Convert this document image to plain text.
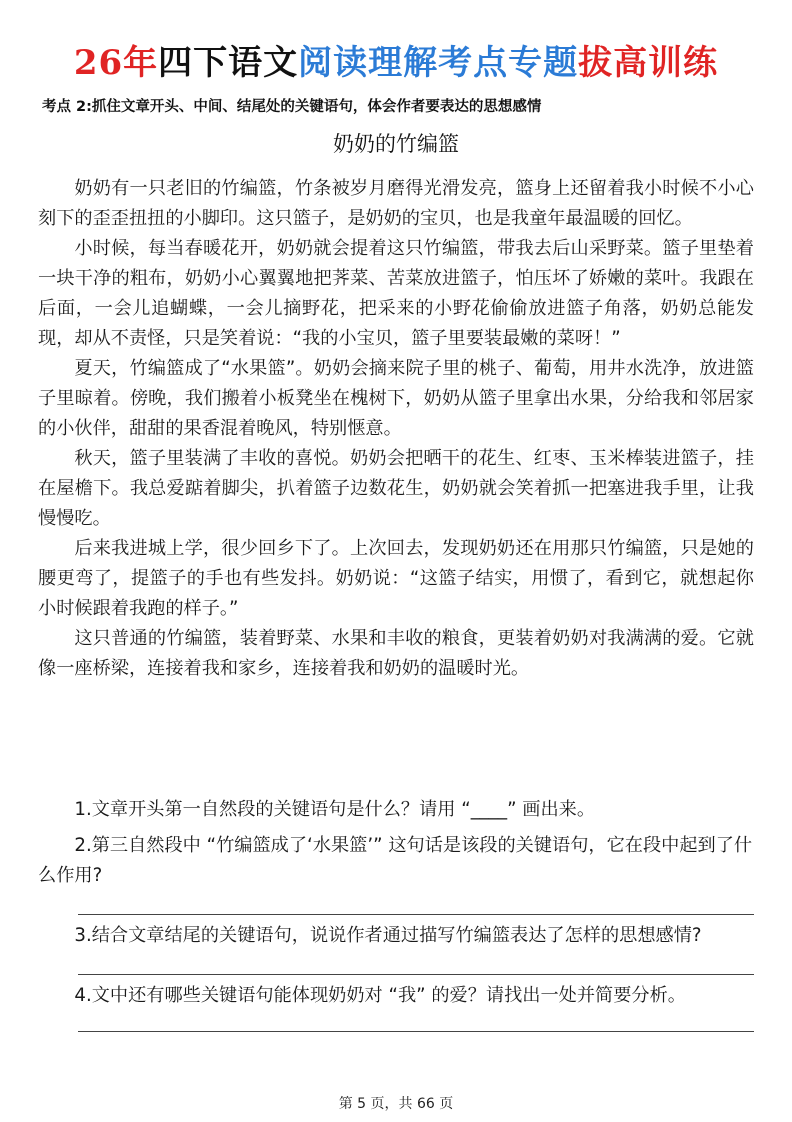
26年四下语文阅读理解考点专题拔高训练
考点 2:抓住文章开头、中间、结尾处的关键语句，体会作者要表达的思想感情
奶奶的竹编篮

奶奶有一只老旧的竹编篮，竹条被岁月磨得光滑发亮，篮身上还留着我小时候不小心刻下的歪歪扭扭的小脚印。这只篮子，是奶奶的宝贝，也是我童年最温暖的回忆。

小时候，每当春暖花开，奶奶就会提着这只竹编篮，带我去后山采野菜。篮子里垫着一块干净的粗布，奶奶小心翼翼地把荠菜、苦菜放进篮子，怕压坏了娇嫩的菜叶。我跟在后面，一会儿追蝴蝶，一会儿摘野花，把采来的小野花偷偷放进篮子角落，奶奶总能发现，却从不责怪，只是笑着说：“我的小宝贝，篮子里要装最嫩的菜呀！”

夏天，竹编篮成了“水果篮”。奶奶会摘来院子里的桃子、葡萄，用井水洗净，放进篮子里晾着。傍晚，我们搬着小板凳坐在槐树下，奶奶从篮子里拿出水果，分给我和邻居家的小伙伴，甜甜的果香混着晚风，特别惬意。

秋天，篮子里装满了丰收的喜悦。奶奶会把晒干的花生、红枣、玉米棒装进篮子，挂在屋檐下。我总爱踮着脚尖，扒着篮子边数花生，奶奶就会笑着抓一把塞进我手里，让我慢慢吃。

后来我进城上学，很少回乡下了。上次回去，发现奶奶还在用那只竹编篮，只是她的腰更弯了，提篮子的手也有些发抖。奶奶说：“这篮子结实，用惯了，看到它，就想起你小时候跟着我跑的样子。”

这只普通的竹编篮，装着野菜、水果和丰收的粮食，更装着奶奶对我满满的爱。它就像一座桥梁，连接着我和家乡，连接着我和奶奶的温暖时光。

1.文章开头第一自然段的关键语句是什么？请用 “____” 画出来。

2.第三自然段中 “竹编篮成了‘水果篮’” 这句话是该段的关键语句，它在段中起到了什么作用?

3.结合文章结尾的关键语句，说说作者通过描写竹编篮表达了怎样的思想感情?

4.文中还有哪些关键语句能体现奶奶对 “我” 的爱？请找出一处并简要分析。

第 5 页，共 66 页
